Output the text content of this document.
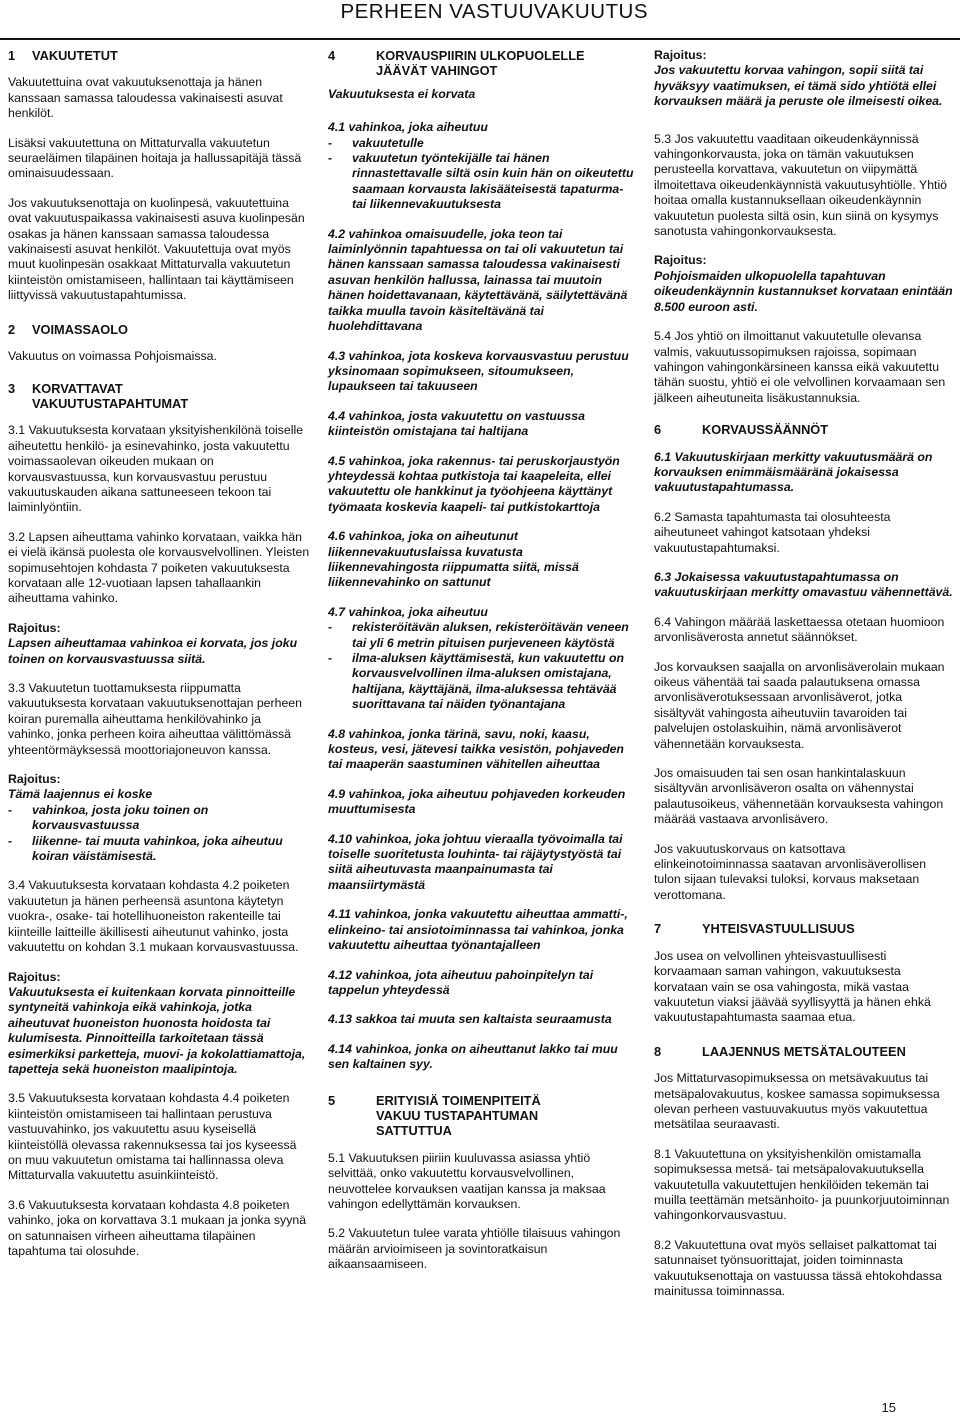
PERHEEN VASTUUVAKUUTUS
1	VAKUUTETUT

Vakuutettuina ovat vakuutuksenottaja ja hänen kanssaan samassa taloudessa vakinaisesti asuvat henkilöt.

Lisäksi vakuutettuna on Mittaturvalla vakuutetun seuraeläimen tilapäinen hoitaja ja hallussapitäjä tässä ominaisuudessaan.

Jos vakuutuksenottaja on kuolinpesä, vakuutettuina ovat vakuutuspaikassa vakinaisesti asuva kuolinpesän osakas ja hänen kanssaan samassa taloudessa vakinaisesti asuvat henkilöt. Vakuutettuja ovat myös muut kuolinpesän osakkaat Mittaturvalla vakuutetun kiinteistön omistamiseen, hallintaan tai käyttämiseen liittyvissä vakuutustapahtumissa.

2	VOIMASSAOLO

Vakuutus on voimassa Pohjoismaissa.

3	KORVATTAVAT
VAKUUTUSTAPAHTUMAT

3.1 Vakuutuksesta korvataan yksityishenkilönä toiselle aiheutettu henkilö- ja esinevahinko, josta vakuutettu voimassaolevan oikeuden mukaan on korvausvastuussa, kun korvausvastuu perustuu vakuutuskauden aikana sattuneeseen tekoon tai laiminlyöntiin.

3.2 Lapsen aiheuttama vahinko korvataan, vaikka hän ei vielä ikänsä puolesta ole korvausvelvollinen. Yleisten sopimusehtojen kohdasta 7 poiketen vakuutuksesta korvataan alle 12-vuotiaan lapsen tahallaankin aiheuttama vahinko.

Rajoitus:

Lapsen aiheuttamaa vahinkoa ei korvata, jos joku toinen on korvausvastuussa siitä.

3.3 Vakuutetun tuottamuksesta riippumatta vakuutuksesta korvataan vakuutuksenottajan perheen koiran puremalla aiheuttama henkilövahinko ja vahinko, jonka perheen koira aiheuttaa välittömässä yhteentörmäyksessä moottoriajoneuvon kanssa.

Rajoitus:

Tämä laajennus ei koske

-	vahinkoa, josta joku toinen on korvausvastuussa
-	liikenne- tai muuta vahinkoa, joka aiheutuu koiran väistämisestä.

3.4 Vakuutuksesta korvataan kohdasta 4.2 poiketen vakuutetun ja hänen perheensä asuntona käytetyn vuokra-, osake- tai hotellihuoneiston rakenteille tai kiinteille laitteille äkillisesti aiheutunut vahinko, josta vakuutettu on kohdan 3.1 mukaan korvausvastuussa.

Rajoitus:

Vakuutuksesta ei kuitenkaan korvata pinnoitteille syntyneitä vahinkoja eikä vahinkoja, jotka aiheutuvat huoneiston huonosta hoidosta tai kulumisesta. Pinnoitteilla tarkoitetaan tässä esimerkiksi parketteja, muovi- ja kokolattiamattoja, tapetteja sekä huoneiston maalipintoja.

3.5 Vakuutuksesta korvataan kohdasta 4.4 poiketen kiinteistön omistamiseen tai hallintaan perustuva vastuuvahinko, jos vakuutettu asuu kyseisellä kiinteistöllä olevassa rakennuksessa tai jos kyseessä on muu vakuutetun omistama tai hallinnassa oleva Mittaturvalla vakuutettu asuinkiinteistö.

3.6 Vakuutuksesta korvataan kohdasta 4.8 poiketen vahinko, joka on korvattava 3.1 mukaan ja jonka syynä on satunnaisen virheen aiheuttama tilapäinen tapahtuma tai olosuhde.

4	KORVAUSPIIRIN ULKOPUOLELLE
JÄÄVÄT VAHINGOT

Vakuutuksesta ei korvata

4.1 vahinkoa, joka aiheutuu

-	vakuutetulle
-	vakuutetun työntekijälle tai hänen rinnastettavalle siltä osin kuin hän on oikeutettu saamaan korvausta lakisääteisestä tapaturma- tai liikennevakuutuksesta

4.2 vahinkoa omaisuudelle, joka teon tai laiminlyönnin tapahtuessa on tai oli vakuutetun tai hänen kanssaan samassa taloudessa vakinaisesti asuvan henkilön hallussa, lainassa tai muutoin hänen hoidettavanaan, käytettävänä, säilytettävänä taikka muulla tavoin käsiteltävänä tai huolehdittavana

4.3 vahinkoa, jota koskeva korvausvastuu perustuu yksinomaan sopimukseen, sitoumukseen, lupaukseen tai takuuseen

4.4 vahinkoa, josta vakuutettu on vastuussa kiinteistön omistajana tai haltijana

4.5 vahinkoa, joka rakennus- tai peruskorjaustyön yhteydessä kohtaa putkistoja tai kaapeleita, ellei vakuutettu ole hankkinut ja työohjeena käyttänyt työmaata koskevia kaapeli- tai putkistokarttoja

4.6 vahinkoa, joka on aiheutunut liikennevakuutuslaissa kuvatusta liikennevahingosta riippumatta siitä, missä liikennevahinko on sattunut

4.7 vahinkoa, joka aiheutuu

-	rekisteröitävän aluksen, rekisteröitävän veneen tai yli 6 metrin pituisen purjeveneen käytöstä
-	ilma-aluksen käyttämisestä, kun vakuutettu on korvausvelvollinen ilma-aluksen omistajana, haltijana, käyttäjänä, ilma-aluksessa tehtävää suorittavana tai näiden työnantajana

4.8 vahinkoa, jonka tärinä, savu, noki, kaasu, kosteus, vesi, jätevesi taikka vesistön, pohjaveden tai maaperän saastuminen vähitellen aiheuttaa

4.9 vahinkoa, joka aiheutuu pohjaveden korkeuden muuttumisesta

4.10 vahinkoa, joka johtuu vieraalla työvoimalla tai toiselle suoritetusta louhinta- tai räjäytystyöstä tai siitä aiheutuvasta maanpainumasta tai maansiirtymästä

4.11 vahinkoa, jonka vakuutettu aiheuttaa ammatti-, elinkeino- tai ansiotoiminnassa tai vahinkoa, jonka vakuutettu aiheuttaa työnantajalleen

4.12 vahinkoa, jota aiheutuu pahoinpitelyn tai tappelun yhteydessä

4.13 sakkoa tai muuta sen kaltaista seuraamusta

4.14 vahinkoa, jonka on aiheuttanut lakko tai muu sen kaltainen syy.

5	ERITYISIÄ TOIMENPITEITÄ
VAKUU TUSTAPAHTUMAN
SATTUTTUA

5.1 Vakuutuksen piiriin kuuluvassa asiassa yhtiö selvittää, onko vakuutettu korvausvelvollinen, neuvottelee korvauksen vaatijan kanssa ja maksaa vahingon edellyttämän korvauksen.

5.2 Vakuutetun tulee varata yhtiölle tilaisuus vahingon määrän arvioimiseen ja sovintoratkaisun aikaansaamiseen.

Rajoitus:

Jos vakuutettu korvaa vahingon, sopii siitä tai hyväksyy vaatimuksen, ei tämä sido yhtiötä ellei korvauksen määrä ja peruste ole ilmeisesti oikea.

5.3 Jos vakuutettu vaaditaan oikeudenkäynnissä vahingonkorvausta, joka on tämän vakuutuksen perusteella korvattava, vakuutetun on viipymättä ilmoitettava oikeudenkäynnistä vakuutusyhtiölle. Yhtiö hoitaa omalla kustannuksellaan oikeudenkäynnin vakuutetun puolesta siltä osin, kun siinä on kysymys sanotusta vahingonkorvauksesta.

Rajoitus:

Pohjoismaiden ulkopuolella tapahtuvan oikeudenkäynnin kustannukset korvataan enintään 8.500 euroon asti.

5.4 Jos yhtiö on ilmoittanut vakuutetulle olevansa valmis, vakuutussopimuksen rajoissa, sopimaan vahingon vahingonkärsineen kanssa eikä vakuutettu tähän suostu, yhtiö ei ole velvollinen korvaamaan sen jälkeen aiheutuneita lisäkustannuksia.

6	KORVAUSSÄÄNNÖT

6.1 Vakuutuskirjaan merkitty vakuutusmäärä on korvauksen enimmäismääränä jokaisessa vakuutustapahtumassa.

6.2 Samasta tapahtumasta tai olosuhteesta aiheutuneet vahingot katsotaan yhdeksi vakuutustapahtumaksi.

6.3 Jokaisessa vakuutustapahtumassa on vakuutuskirjaan merkitty omavastuu vähennettävä.

6.4 Vahingon määrää laskettaessa otetaan huomioon arvonlisäverosta annetut säännökset.

Jos korvauksen saajalla on arvonlisäverolain mukaan oikeus vähentää tai saada palautuksena omassa arvonlisäverotuksessaan arvonlisäverot, jotka sisältyvät vahingosta aiheutuviin tavaroiden tai palvelujen ostolaskuihin, nämä arvonlisäverot vähennetään korvauksesta.

Jos omaisuuden tai sen osan hankintalaskuun sisältyvän arvonlisäveron osalta on vähennystai palautusoikeus, vähennetään korvauksesta vahingon määrää vastaava arvonlisävero.

Jos vakuutuskorvaus on katsottava elinkeinotoiminnassa saatavan arvonlisäverollisen tulon sijaan tulevaksi tuloksi, korvaus maksetaan verottomana.

7	YHTEISVASTUULLISUUS

Jos usea on velvollinen yhteisvastuullisesti korvaamaan saman vahingon, vakuutuksesta korvataan vain se osa vahingosta, mikä vastaa vakuutetun viaksi jäävää syyllisyyttä ja hänen ehkä vakuutustapahtumasta saamaa etua.

8	LAAJENNUS METSÄTALOUTEEN

Jos Mittaturvasopimuksessa on metsävakuutus tai metsäpalovakuutus, koskee samassa sopimuksessa olevan perheen vastuuvakuutus myös vakuutettua metsätilaa seuraavasti.

8.1 Vakuutettuna on yksityishenkilön omistamalla sopimuksessa metsä- tai metsäpalovakuutuksella vakuutetulla vakuutettujen henkilöiden tekemän tai muilla teettämän metsänhoito- ja puunkorjuutoiminnan vahingonkorvausvastuu.

8.2 Vakuutettuna ovat myös sellaiset palkattomat tai satunnaiset työnsuorittajat, joiden toiminnasta vakuutuksenottaja on vastuussa tässä ehtokohdassa mainitussa toiminnassa.

15
